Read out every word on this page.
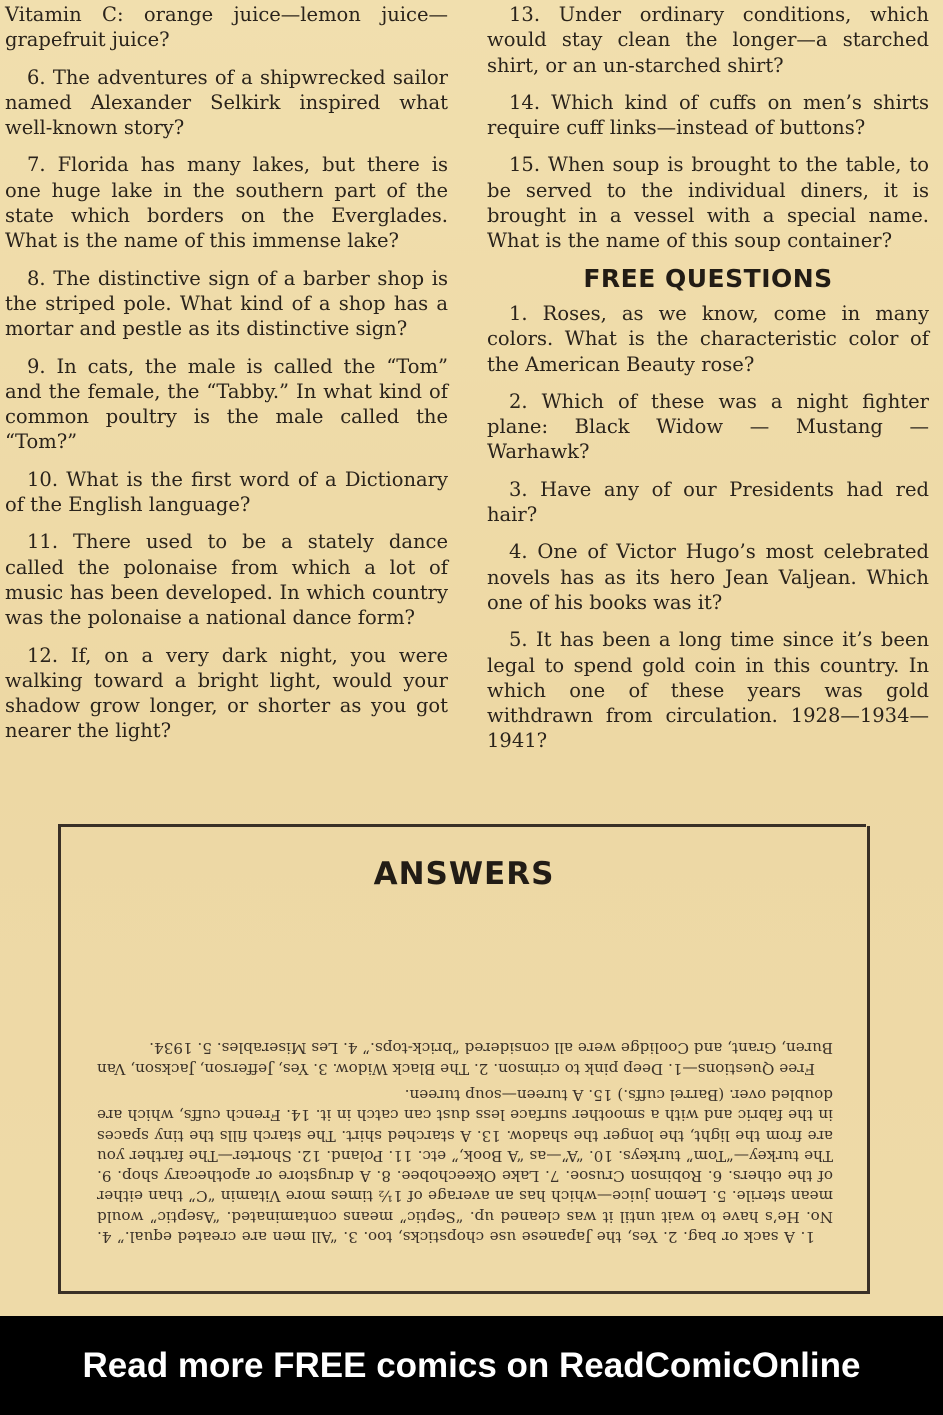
Vitamin C: orange juice—lemon juice—grapefruit juice?

6. The adventures of a shipwrecked sailor named Alexander Selkirk inspired what well-known story?

7. Florida has many lakes, but there is one huge lake in the southern part of the state which borders on the Everglades. What is the name of this immense lake?

8. The distinctive sign of a barber shop is the striped pole. What kind of a shop has a mortar and pestle as its distinctive sign?

9. In cats, the male is called the “Tom” and the female, the “Tabby.” In what kind of common poultry is the male called the “Tom?”

10. What is the first word of a Dictionary of the English language?

11. There used to be a stately dance called the polonaise from which a lot of music has been developed. In which country was the polonaise a national dance form?

12. If, on a very dark night, you were walking toward a bright light, would your shadow grow longer, or shorter as you got nearer the light?

13. Under ordinary conditions, which would stay clean the longer—a starched shirt, or an un-starched shirt?

14. Which kind of cuffs on men’s shirts require cuff links—instead of buttons?

15. When soup is brought to the table, to be served to the individual diners, it is brought in a vessel with a special name. What is the name of this soup container?

FREE QUESTIONS

1. Roses, as we know, come in many colors. What is the characteristic color of the American Beauty rose?

2. Which of these was a night fighter plane: Black Widow — Mustang — Warhawk?

3. Have any of our Presidents had red hair?

4. One of Victor Hugo’s most celebrated novels has as its hero Jean Valjean. Which one of his books was it?

5. It has been a long time since it’s been legal to spend gold coin in this country. In which one of these years was gold withdrawn from circulation. 1928—1934—1941?

ANSWERS

1. A sack or bag. 2. Yes, the Japanese use chopsticks, too. 3. “All men are created equal.” 4. No. He’s have to wait until it was cleaned up. “Septic” means contaminated. “Aseptic” would mean sterile. 5. Lemon juice—which has an average of 1½ times more Vitamin “C” than either of the others. 6. Robinson Crusoe. 7. Lake Okeechobee. 8. A drugstore or apothecary shop. 9. The turkey—“Tom” turkeys. 10. “A”—as “A Book,” etc. 11. Poland. 12. Shorter—The farther you are from the light, the longer the shadow. 13. A starched shirt. The starch fills the tiny spaces in the fabric and with a smoother surface less dust can catch in it. 14. French cuffs, which are doubled over. (Barrel cuffs.) 15. A tureen—soup tureen.

Free Questions—1. Deep pink to crimson. 2. The Black Widow. 3. Yes, Jefferson, Jackson, Van Buren, Grant, and Coolidge were all considered “brick-tops.” 4. Les Miserables. 5. 1934.

Read more FREE comics on ReadComicOnline
